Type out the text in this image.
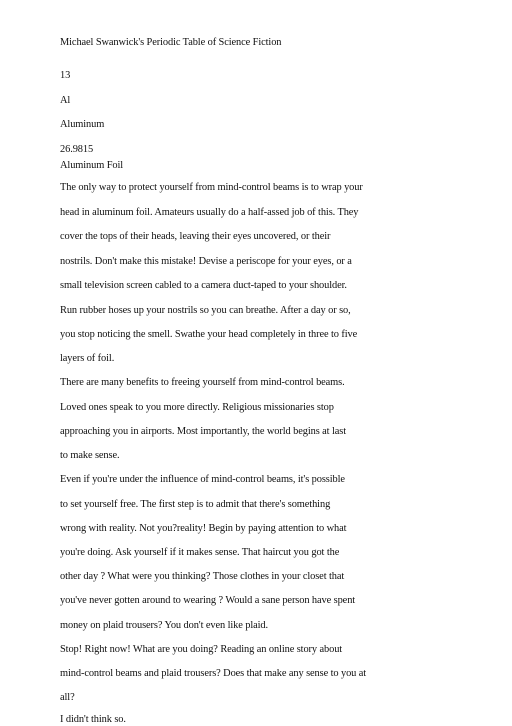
Michael Swanwick's Periodic Table of Science Fiction
13
Al
Aluminum
26.9815
Aluminum Foil
The only way to protect yourself from mind-control beams is to wrap your
head in aluminum foil. Amateurs usually do a half-assed job of this. They
cover the tops of their heads, leaving their eyes uncovered, or their
nostrils. Don't make this mistake! Devise a periscope for your eyes, or a
small television screen cabled to a camera duct-taped to your shoulder.
Run rubber hoses up your nostrils so you can breathe. After a day or so,
you stop noticing the smell. Swathe your head completely in three to five
layers of foil.
There are many benefits to freeing yourself from mind-control beams.
Loved ones speak to you more directly. Religious missionaries stop
approaching you in airports. Most importantly, the world begins at last
to make sense.
Even if you're under the influence of mind-control beams, it's possible
to set yourself free. The first step is to admit that there's something
wrong with reality. Not you?reality! Begin by paying attention to what
you're doing. Ask yourself if it makes sense. That haircut you got the
other day ? What were you thinking? Those clothes in your closet that
you've never gotten around to wearing ? Would a sane person have spent
money on plaid trousers? You don't even like plaid.
Stop! Right now! What are you doing? Reading an online story about
mind-control beams and plaid trousers? Does that make any sense to you at
all?
I didn't think so.
